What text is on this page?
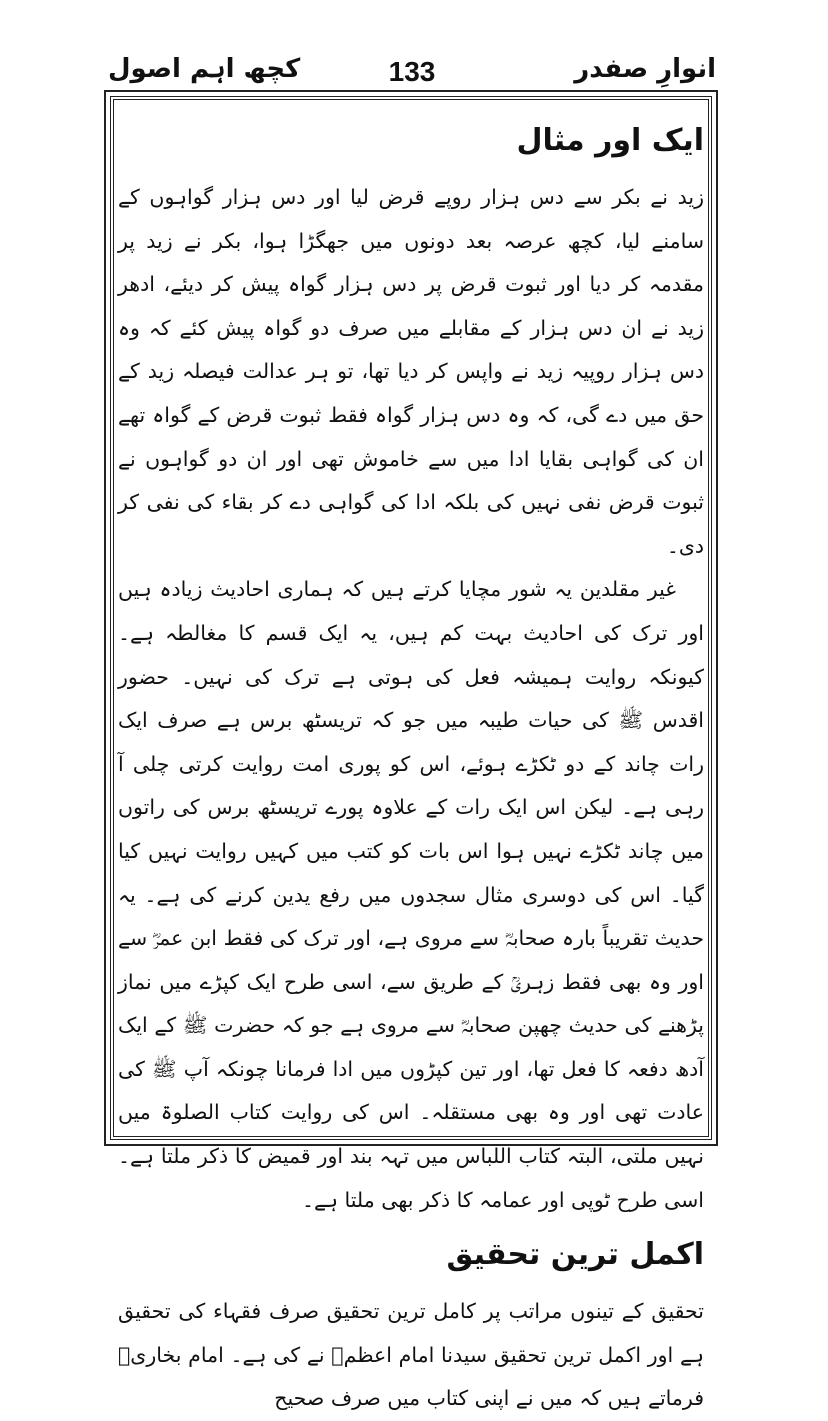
انوارِ صفدر
133
کچھ اہم اصول
ایک اور مثال

زید نے بکر سے دس ہزار روپے قرض لیا اور دس ہزار گواہوں کے سامنے لیا، کچھ عرصہ بعد دونوں میں جھگڑا ہوا، بکر نے زید پر مقدمہ کر دیا اور ثبوت قرض پر دس ہزار گواہ پیش کر دیئے، ادھر زید نے ان دس ہزار کے مقابلے میں صرف دو گواہ پیش کئے کہ وہ دس ہزار روپیہ زید نے واپس کر دیا تھا، تو ہر عدالت فیصلہ زید کے حق میں دے گی، کہ وہ دس ہزار گواہ فقط ثبوت قرض کے گواہ تھے ان کی گواہی بقایا ادا میں سے خاموش تھی اور ان دو گواہوں نے ثبوت قرض نفی نہیں کی بلکہ ادا کی گواہی دے کر بقاء کی نفی کر دی۔

غیر مقلدین یہ شور مچایا کرتے ہیں کہ ہماری احادیث زیادہ ہیں اور ترک کی احادیث بہت کم ہیں، یہ ایک قسم کا مغالطہ ہے۔ کیونکہ روایت ہمیشہ فعل کی ہوتی ہے ترک کی نہیں۔ حضور اقدس ﷺ کی حیات طیبہ میں جو کہ تریسٹھ برس ہے صرف ایک رات چاند کے دو ٹکڑے ہوئے، اس کو پوری امت روایت کرتی چلی آ رہی ہے۔ لیکن اس ایک رات کے علاوہ پورے تریسٹھ برس کی راتوں میں چاند ٹکڑے نہیں ہوا اس بات کو کتب میں کہیں روایت نہیں کیا گیا۔ اس کی دوسری مثال سجدوں میں رفع یدین کرنے کی ہے۔ یہ حدیث تقریباً بارہ صحابہؓ سے مروی ہے، اور ترک کی فقط ابن عمرؓ سے اور وہ بھی فقط زہریؒ کے طریق سے، اسی طرح ایک کپڑے میں نماز پڑھنے کی حدیث چھپن صحابہؓ سے مروی ہے جو کہ حضرت ﷺ کے ایک آدھ دفعہ کا فعل تھا، اور تین کپڑوں میں ادا فرمانا چونکہ آپ ﷺ کی عادت تھی اور وہ بھی مستقلہ۔ اس کی روایت کتاب الصلوۃ میں نہیں ملتی، البتہ کتاب اللباس میں تہہ بند اور قمیض کا ذکر ملتا ہے۔ اسی طرح ٹوپی اور عمامہ کا ذکر بھی ملتا ہے۔

اکمل ترین تحقیق

تحقیق کے تینوں مراتب پر کامل ترین تحقیق صرف فقہاء کی تحقیق ہے اور اکمل ترین تحقیق سیدنا امام اعظمؒ نے کی ہے۔ امام بخاریؒ فرماتے ہیں کہ میں نے اپنی کتاب میں صرف صحیح
